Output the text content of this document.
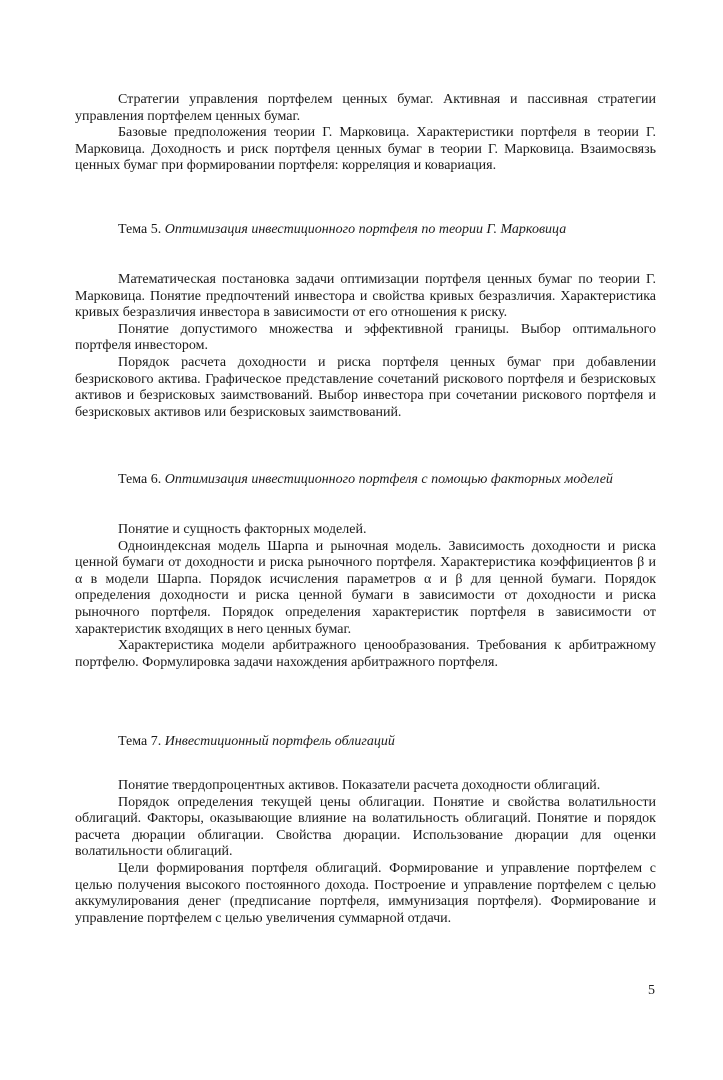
Стратегии управления портфелем ценных бумаг. Активная и пассивная стратегии управления портфелем ценных бумаг.

Базовые предположения теории Г. Марковица. Характеристики портфеля в теории Г. Марковица. Доходность и риск портфеля ценных бумаг в теории Г. Марковица. Взаимосвязь ценных бумаг при формировании портфеля: корреляция и ковариация.

Тема 5. Оптимизация инвестиционного портфеля по теории Г. Марковица

Математическая постановка задачи оптимизации портфеля ценных бумаг по теории Г. Марковица. Понятие предпочтений инвестора и свойства кривых безразличия. Характеристика кривых безразличия инвестора в зависимости от его отношения к риску.

Понятие допустимого множества и эффективной границы. Выбор оптимального портфеля инвестором.

Порядок расчета доходности и риска портфеля ценных бумаг при добавлении безрискового актива. Графическое представление сочетаний рискового портфеля и безрисковых активов и безрисковых заимствований. Выбор инвестора при сочетании рискового портфеля и безрисковых активов или безрисковых заимствований.

Тема 6. Оптимизация инвестиционного портфеля с помощью факторных моделей

Понятие и сущность факторных моделей.

Одноиндексная модель Шарпа и рыночная модель. Зависимость доходности и риска ценной бумаги от доходности и риска рыночного портфеля. Характеристика коэффициентов β и α в модели Шарпа. Порядок исчисления параметров α и β для ценной бумаги. Порядок определения доходности и риска ценной бумаги в зависимости от доходности и риска рыночного портфеля. Порядок определения характеристик портфеля в зависимости от характеристик входящих в него ценных бумаг.

Характеристика модели арбитражного ценообразования. Требования к арбитражному портфелю. Формулировка задачи нахождения арбитражного портфеля.

Тема 7. Инвестиционный портфель облигаций

Понятие твердопроцентных активов. Показатели расчета доходности облигаций.

Порядок определения текущей цены облигации. Понятие и свойства волатильности облигаций. Факторы, оказывающие влияние на волатильность облигаций. Понятие и порядок расчета дюрации облигации. Свойства дюрации. Использование дюрации для оценки волатильности облигаций.

Цели формирования портфеля облигаций. Формирование и управление портфелем с целью получения высокого постоянного дохода. Построение и управление портфелем с целью аккумулирования денег (предписание портфеля, иммунизация портфеля). Формирование и управление портфелем с целью увеличения суммарной отдачи.

5
